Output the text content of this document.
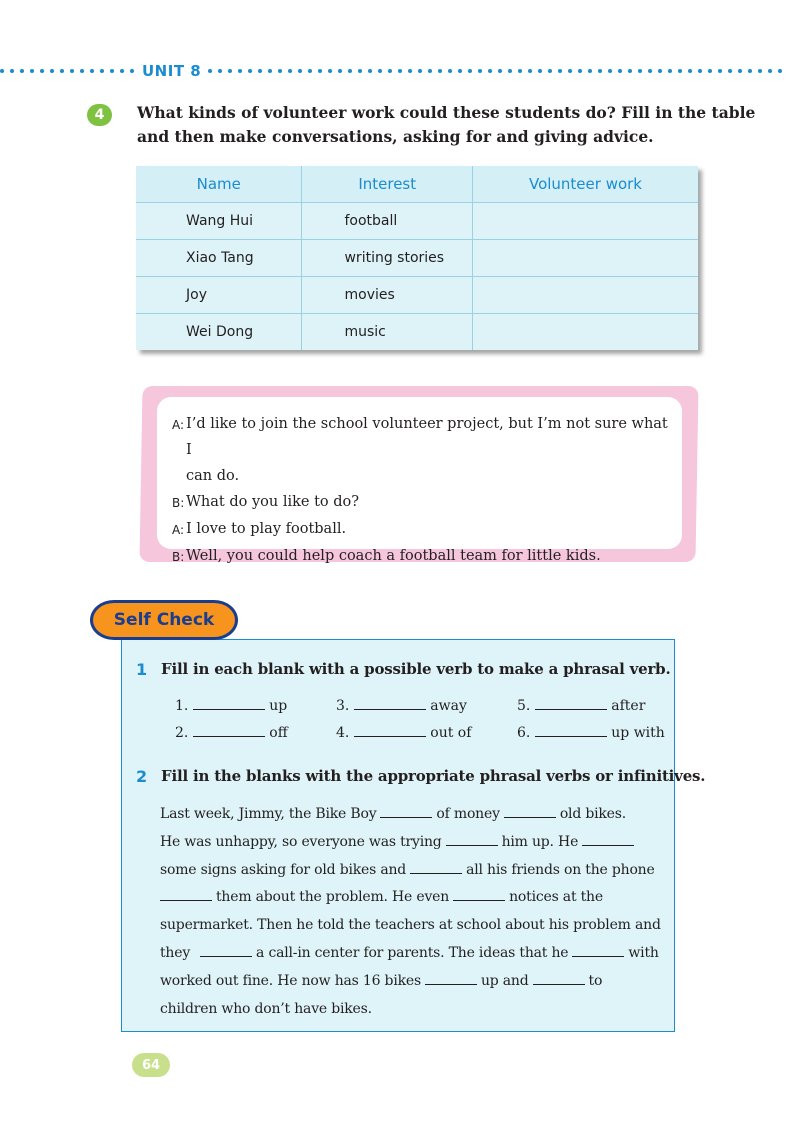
UNIT 8
4	What kinds of volunteer work could these students do? Fill in the table
and then make conversations, asking for and giving advice.
Name	Interest	Volunteer work
Wang Hui	football	
Xiao Tang	writing stories	
Joy	movies	
Wei Dong	music	
A: I’d like to join the school volunteer project, but I’m not sure what I
can do.
B: What do you like to do?
A: I love to play football.
B: Well, you could help coach a football team for little kids.
Self Check
1 Fill in each blank with a possible verb to make a phrasal verb.
1.	up	3.	away	5.	after
2.	off	4.	out of	6.	up with
2 Fill in the blanks with the appropriate phrasal verbs or infinitives.
Last week, Jimmy, the Bike Boy	of money	old bikes.
He was unhappy, so everyone was trying	him up. He
some signs asking for old bikes and	all his friends on the phone
them about the problem. He even	notices at the
supermarket. Then he told the teachers at school about his problem and
they	a call-in center for parents. The ideas that he	with
worked out fine. He now has 16 bikes	up and	to
children who don’t have bikes.
64
